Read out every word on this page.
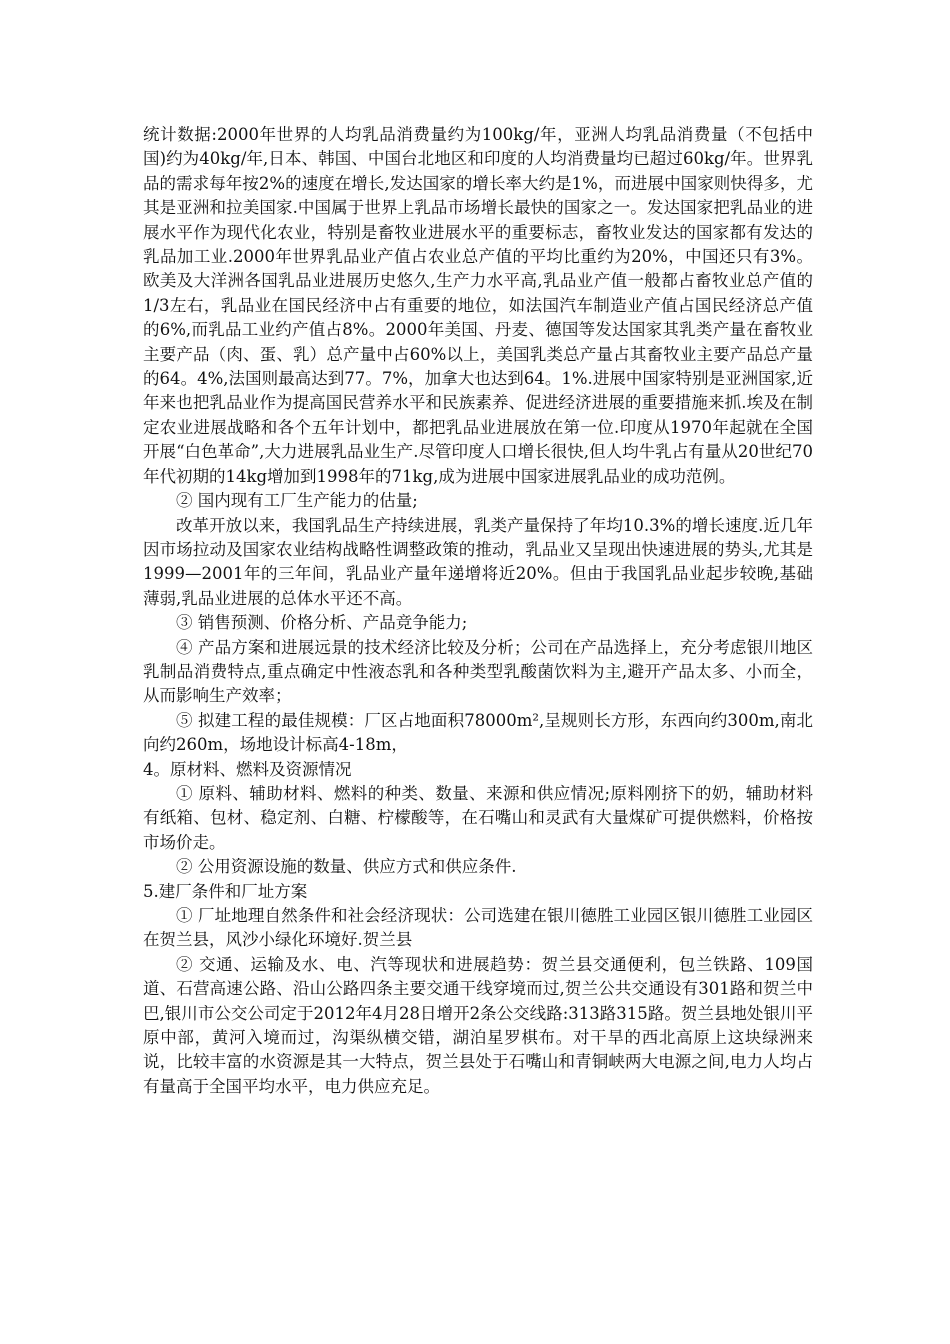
统计数据:2000年世界的人均乳品消费量约为100kg/年，亚洲人均乳品消费量（不包括中国)约为40kg/年,日本、韩国、中国台北地区和印度的人均消费量均已超过60kg/年。世界乳品的需求每年按2%的速度在增长,发达国家的增长率大约是1%，而进展中国家则快得多，尤其是亚洲和拉美国家.中国属于世界上乳品市场增长最快的国家之一。发达国家把乳品业的进展水平作为现代化农业，特别是畜牧业进展水平的重要标志，畜牧业发达的国家都有发达的乳品加工业.2000年世界乳品业产值占农业总产值的平均比重约为20%，中国还只有3%。欧美及大洋洲各国乳品业进展历史悠久,生产力水平高,乳品业产值一般都占畜牧业总产值的1/3左右，乳品业在国民经济中占有重要的地位，如法国汽车制造业产值占国民经济总产值的6%,而乳品工业约产值占8%。2000年美国、丹麦、德国等发达国家其乳类产量在畜牧业主要产品（肉、蛋、乳）总产量中占60%以上，美国乳类总产量占其畜牧业主要产品总产量的64。4%,法国则最高达到77。7%，加拿大也达到64。1%.进展中国家特别是亚洲国家,近年来也把乳品业作为提高国民营养水平和民族素养、促进经济进展的重要措施来抓.埃及在制定农业进展战略和各个五年计划中，都把乳品业进展放在第一位.印度从1970年起就在全国开展“白色革命”,大力进展乳品业生产.尽管印度人口增长很快,但人均牛乳占有量从20世纪70年代初期的14kg增加到1998年的71kg,成为进展中国家进展乳品业的成功范例。

② 国内现有工厂生产能力的估量;

改革开放以来，我国乳品生产持续进展，乳类产量保持了年均10.3%的增长速度.近几年因市场拉动及国家农业结构战略性调整政策的推动，乳品业又呈现出快速进展的势头,尤其是1999—2001年的三年间，乳品业产量年递增将近20%。但由于我国乳品业起步较晚,基础薄弱,乳品业进展的总体水平还不高。

③ 销售预测、价格分析、产品竞争能力;

④ 产品方案和进展远景的技术经济比较及分析；公司在产品选择上，充分考虑银川地区乳制品消费特点,重点确定中性液态乳和各种类型乳酸菌饮料为主,避开产品太多、小而全，从而影响生产效率；

⑤ 拟建工程的最佳规模：厂区占地面积78000m²,呈规则长方形，东西向约300m,南北向约260m，场地设计标高4-18m，

4。原材料、燃料及资源情况

① 原料、辅助材料、燃料的种类、数量、来源和供应情况;原料刚挤下的奶，辅助材料有纸箱、包材、稳定剂、白糖、柠檬酸等，在石嘴山和灵武有大量煤矿可提供燃料，价格按市场价走。

② 公用资源设施的数量、供应方式和供应条件.

5.建厂条件和厂址方案

① 厂址地理自然条件和社会经济现状：公司选建在银川德胜工业园区银川德胜工业园区在贺兰县，风沙小绿化环境好.贺兰县

② 交通、运输及水、电、汽等现状和进展趋势：贺兰县交通便利，包兰铁路、109国道、石营高速公路、沿山公路四条主要交通干线穿境而过,贺兰公共交通设有301路和贺兰中巴,银川市公交公司定于2012年4月28日增开2条公交线路:313路315路。贺兰县地处银川平原中部，黄河入境而过，沟渠纵横交错，湖泊星罗棋布。对干旱的西北高原上这块绿洲来说，比较丰富的水资源是其一大特点，贺兰县处于石嘴山和青铜峡两大电源之间,电力人均占有量高于全国平均水平，电力供应充足。
